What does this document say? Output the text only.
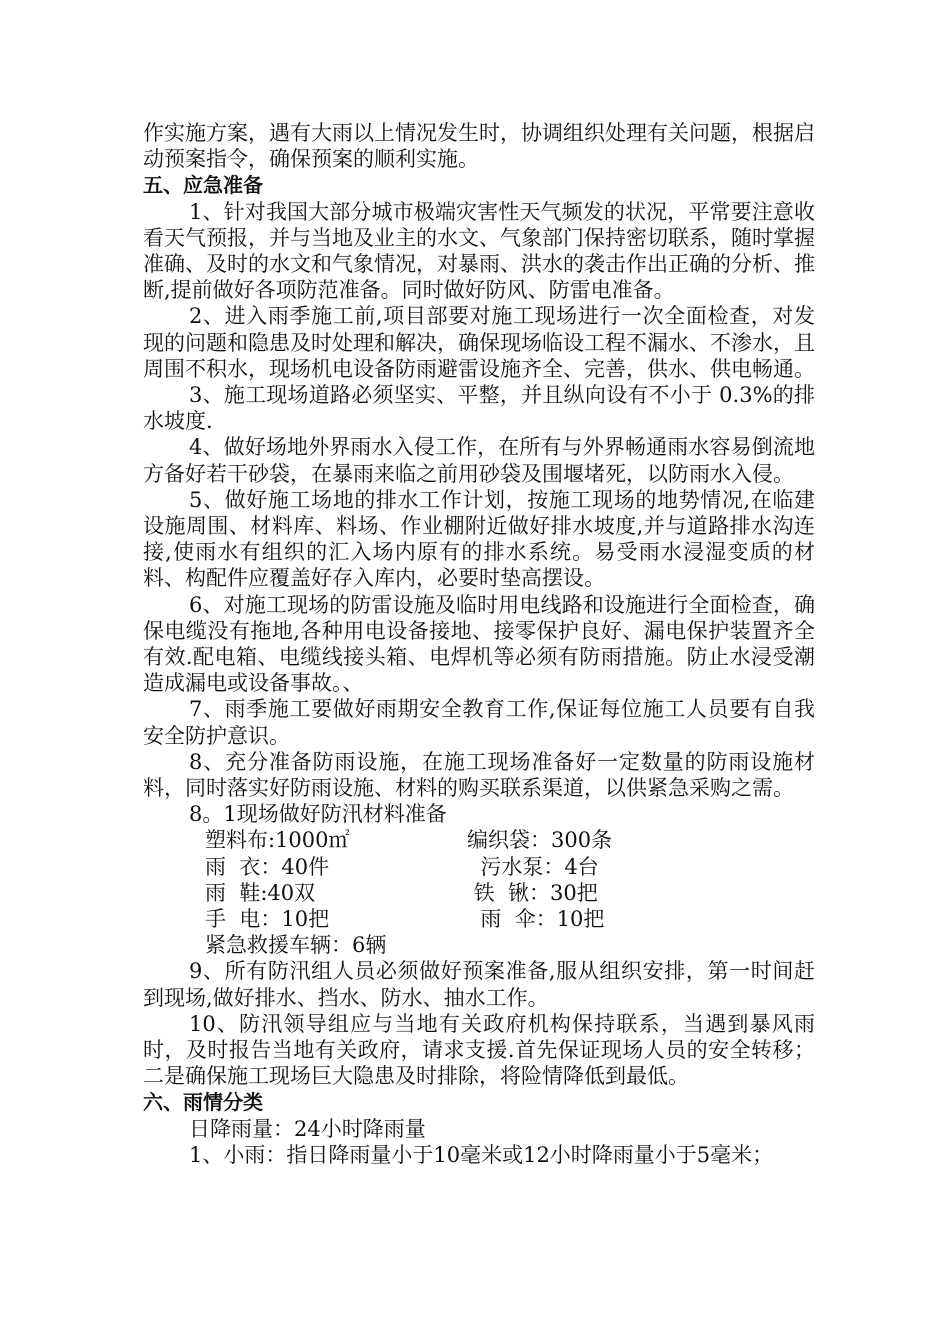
作实施方案，遇有大雨以上情况发生时，协调组织处理有关问题，根据启动预案指令，确保预案的顺利实施。

五、应急准备

1、针对我国大部分城市极端灾害性天气频发的状况，平常要注意收看天气预报，并与当地及业主的水文、气象部门保持密切联系，随时掌握准确、及时的水文和气象情况，对暴雨、洪水的袭击作出正确的分析、推断,提前做好各项防范准备。同时做好防风、防雷电准备。

2、进入雨季施工前,项目部要对施工现场进行一次全面检查，对发现的问题和隐患及时处理和解决，确保现场临设工程不漏水、不渗水，且周围不积水，现场机电设备防雨避雷设施齐全、完善，供水、供电畅通。

3、施工现场道路必须坚实、平整，并且纵向设有不小于 0.3%的排水坡度.

4、做好场地外界雨水入侵工作，在所有与外界畅通雨水容易倒流地方备好若干砂袋，在暴雨来临之前用砂袋及围堰堵死，以防雨水入侵。

5、做好施工场地的排水工作计划，按施工现场的地势情况,在临建设施周围、材料库、料场、作业棚附近做好排水坡度,并与道路排水沟连接,使雨水有组织的汇入场内原有的排水系统。易受雨水浸湿变质的材料、构配件应覆盖好存入库内，必要时垫高摆设。

6、对施工现场的防雷设施及临时用电线路和设施进行全面检查，确保电缆没有拖地,各种用电设备接地、接零保护良好、漏电保护装置齐全有效.配电箱、电缆线接头箱、电焊机等必须有防雨措施。防止水浸受潮造成漏电或设备事故。、

7、雨季施工要做好雨期安全教育工作,保证每位施工人员要有自我安全防护意识。

8、充分准备防雨设施，在施工现场准备好一定数量的防雨设施材料，同时落实好防雨设施、材料的购买联系渠道，以供紧急采购之需。

8。1现场做好防汛材料准备

塑料布:1000㎡	编织袋：300条
雨  衣：40件	污水泵：4台
雨  鞋:40双	铁  锹：30把
手  电：10把	雨  伞：10把

紧急救援车辆：6辆

9、所有防汛组人员必须做好预案准备,服从组织安排，第一时间赶到现场,做好排水、挡水、防水、抽水工作。

10、防汛领导组应与当地有关政府机构保持联系，当遇到暴风雨时，及时报告当地有关政府，请求支援.首先保证现场人员的安全转移；二是确保施工现场巨大隐患及时排除，将险情降低到最低。

六、雨情分类

日降雨量：24小时降雨量

1、小雨：指日降雨量小于10毫米或12小时降雨量小于5毫米；
